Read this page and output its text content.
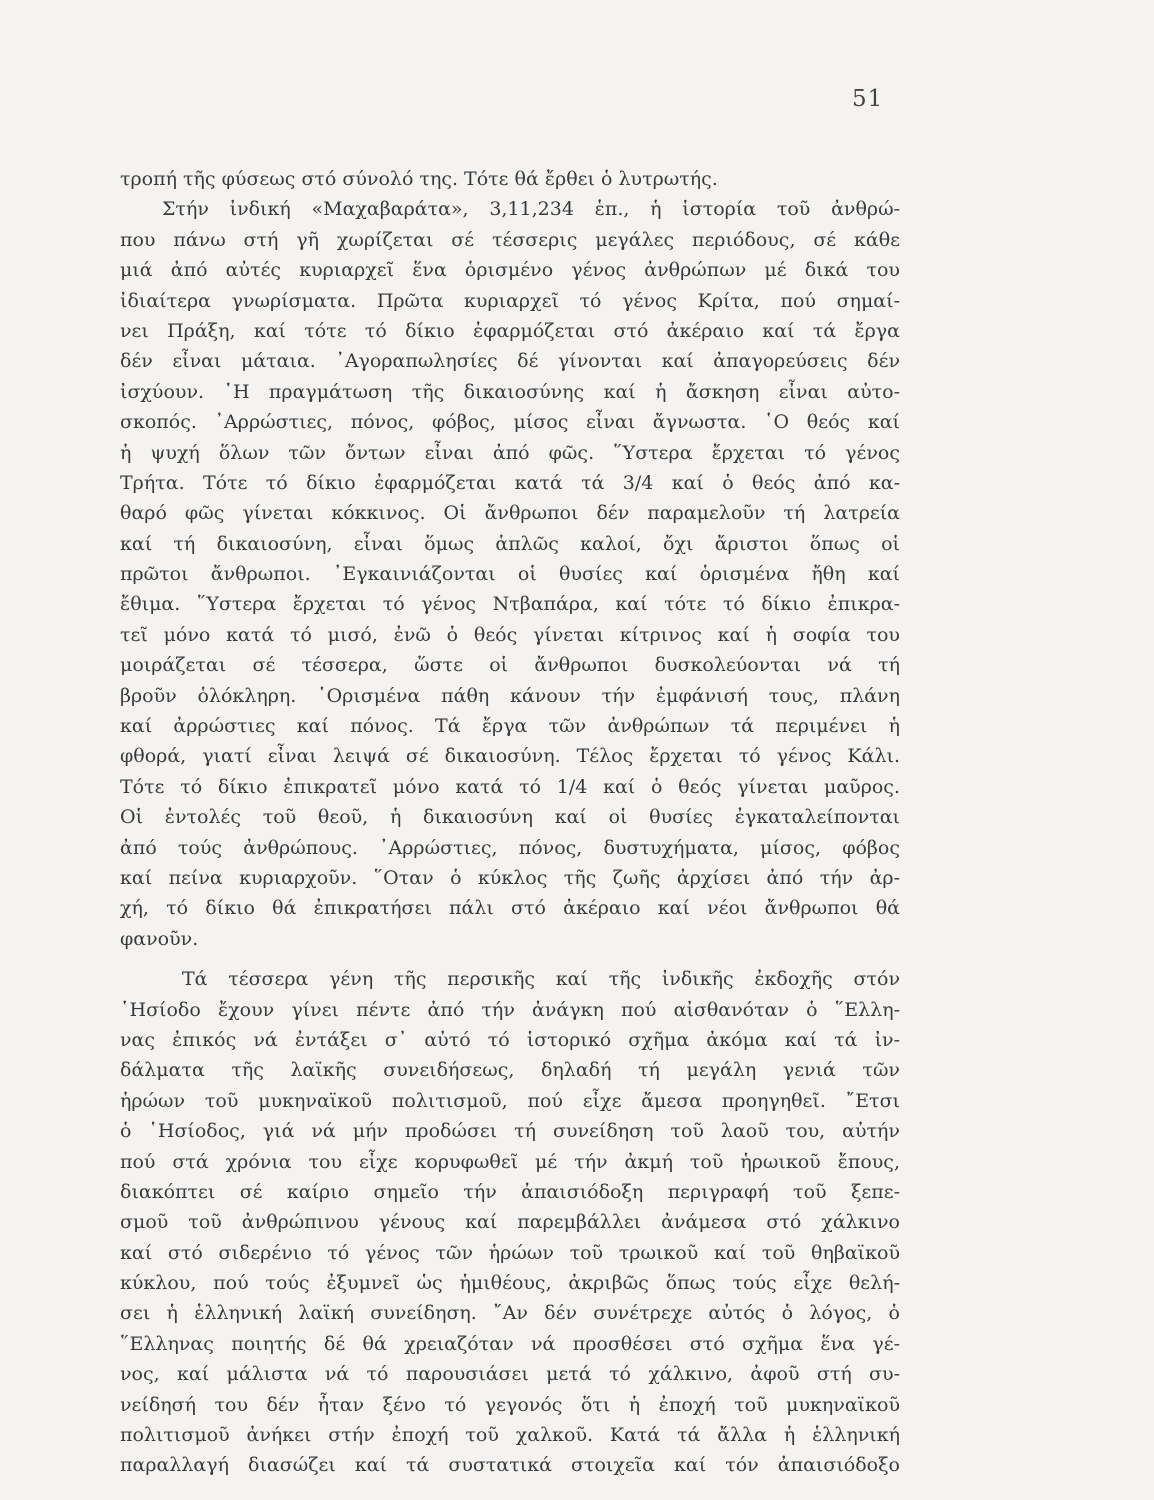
51
τροπή τῆς φύσεως στό σύνολό της. Τότε θά ἔρθει ὁ λυτρωτής.
Στήν ἰνδική «Μαχαβαράτα», 3,11,234 ἑπ., ἡ ἱστορία τοῦ ἀνθρώ-
που πάνω στή γῆ χωρίζεται σέ τέσσερις μεγάλες περιόδους, σέ κάθε
μιά ἀπό αὐτές κυριαρχεῖ ἕνα ὁρισμένο γένος ἀνθρώπων μέ δικά του
ἰδιαίτερα γνωρίσματα. Πρῶτα κυριαρχεῖ τό γένος Κρίτα, πού σημαί-
νει Πράξη, καί τότε τό δίκιο ἐφαρμόζεται στό ἀκέραιο καί τά ἔργα
δέν εἶναι μάταια. ᾿Αγοραπωλησίες δέ γίνονται καί ἀπαγορεύσεις δέν
ἰσχύουν. ῾Η πραγμάτωση τῆς δικαιοσύνης καί ἡ ἄσκηση εἶναι αὐτο-
σκοπός. ᾿Αρρώστιες, πόνος, φόβος, μίσος εἶναι ἄγνωστα. ῾Ο θεός καί
ἡ ψυχή ὅλων τῶν ὄντων εἶναι ἀπό φῶς. ῞Υστερα ἔρχεται τό γένος
Τρήτα. Τότε τό δίκιο ἐφαρμόζεται κατά τά 3/4 καί ὁ θεός ἀπό κα-
θαρό φῶς γίνεται κόκκινος. Οἱ ἄνθρωποι δέν παραμελοῦν τή λατρεία
καί τή δικαιοσύνη, εἶναι ὅμως ἁπλῶς καλοί, ὄχι ἄριστοι ὅπως οἱ
πρῶτοι ἄνθρωποι. ᾿Εγκαινιάζονται οἱ θυσίες καί ὁρισμένα ἤθη καί
ἔθιμα. ῞Υστερα ἔρχεται τό γένος Ντβαπάρα, καί τότε τό δίκιο ἐπικρα-
τεῖ μόνο κατά τό μισό, ἐνῶ ὁ θεός γίνεται κίτρινος καί ἡ σοφία του
μοιράζεται σέ τέσσερα, ὥστε οἱ ἄνθρωποι δυσκολεύονται νά τή
βροῦν ὁλόκληρη. ῾Ορισμένα πάθη κάνουν τήν ἐμφάνισή τους, πλάνη
καί ἀρρώστιες καί πόνος. Τά ἔργα τῶν ἀνθρώπων τά περιμένει ἡ
φθορά, γιατί εἶναι λειψά σέ δικαιοσύνη. Τέλος ἔρχεται τό γένος Κάλι.
Τότε τό δίκιο ἐπικρατεῖ μόνο κατά τό 1/4 καί ὁ θεός γίνεται μαῦρος.
Οἱ ἐντολές τοῦ θεοῦ, ἡ δικαιοσύνη καί οἱ θυσίες ἐγκαταλείπονται
ἀπό τούς ἀνθρώπους. ᾿Αρρώστιες, πόνος, δυστυχήματα, μίσος, φόβος
καί πείνα κυριαρχοῦν. ῞Οταν ὁ κύκλος τῆς ζωῆς ἀρχίσει ἀπό τήν ἀρ-
χή, τό δίκιο θά ἐπικρατήσει πάλι στό ἀκέραιο καί νέοι ἄνθρωποι θά
φανοῦν.
Τά τέσσερα γένη τῆς περσικῆς καί τῆς ἰνδικῆς ἐκδοχῆς στόν
῾Ησίοδο ἔχουν γίνει πέντε ἀπό τήν ἀνάγκη πού αἰσθανόταν ὁ ῞Ελλη-
νας ἐπικός νά ἐντάξει σ᾿ αὐτό τό ἱστορικό σχῆμα ἀκόμα καί τά ἰν-
δάλματα τῆς λαϊκῆς συνειδήσεως, δηλαδή τή μεγάλη γενιά τῶν
ἡρώων τοῦ μυκηναϊκοῦ πολιτισμοῦ, πού εἶχε ἄμεσα προηγηθεῖ. ῎Ετσι
ὁ ῾Ησίοδος, γιά νά μήν προδώσει τή συνείδηση τοῦ λαοῦ του, αὐτήν
πού στά χρόνια του εἶχε κορυφωθεῖ μέ τήν ἀκμή τοῦ ἡρωικοῦ ἔπους,
διακόπτει σέ καίριο σημεῖο τήν ἀπαισιόδοξη περιγραφή τοῦ ξεπε-
σμοῦ τοῦ ἀνθρώπινου γένους καί παρεμβάλλει ἀνάμεσα στό χάλκινο
καί στό σιδερένιο τό γένος τῶν ἡρώων τοῦ τρωικοῦ καί τοῦ θηβαϊκοῦ
κύκλου, πού τούς ἐξυμνεῖ ὡς ἡμιθέους, ἀκριβῶς ὅπως τούς εἶχε θελή-
σει ἡ ἑλληνική λαϊκή συνείδηση. ῎Αν δέν συνέτρεχε αὐτός ὁ λόγος, ὁ
῞Ελληνας ποιητής δέ θά χρειαζόταν νά προσθέσει στό σχῆμα ἕνα γέ-
νος, καί μάλιστα νά τό παρουσιάσει μετά τό χάλκινο, ἀφοῦ στή συ-
νείδησή του δέν ἦταν ξένο τό γεγονός ὅτι ἡ ἐποχή τοῦ μυκηναϊκοῦ
πολιτισμοῦ ἀνήκει στήν ἐποχή τοῦ χαλκοῦ. Κατά τά ἄλλα ἡ ἑλληνική
παραλλαγή διασώζει καί τά συστατικά στοιχεῖα καί τόν ἀπαισιόδοξο
